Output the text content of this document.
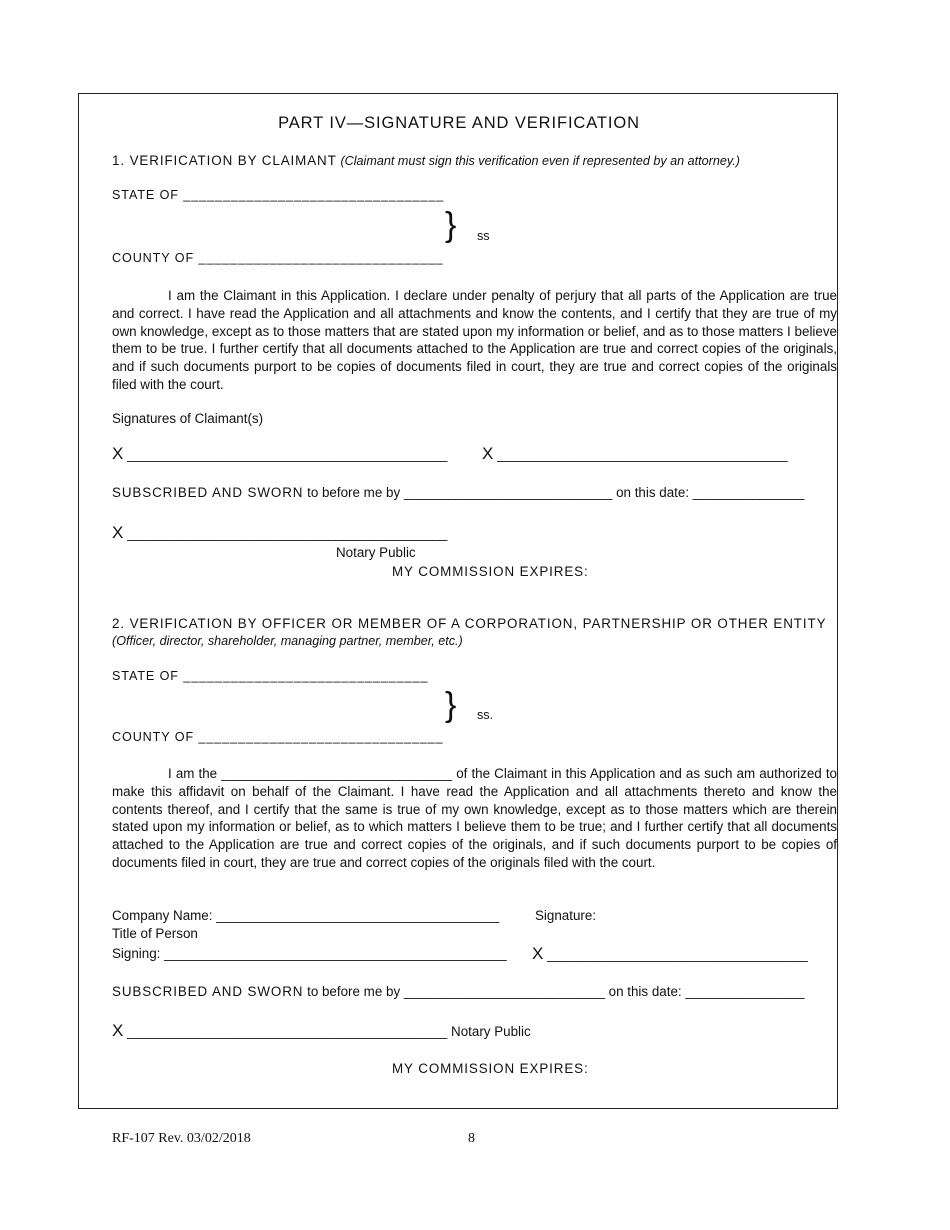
PART IV—SIGNATURE AND VERIFICATION
1. VERIFICATION BY CLAIMANT (Claimant must sign this verification even if represented by an attorney.)
STATE OF _________________________________
} ss
COUNTY OF _______________________________
I am the Claimant in this Application. I declare under penalty of perjury that all parts of the Application are true and correct. I have read the Application and all attachments and know the contents, and I certify that they are true of my own knowledge, except as to those matters that are stated upon my information or belief, and as to those matters I believe them to be true. I further certify that all documents attached to the Application are true and correct copies of the originals, and if such documents purport to be copies of documents filed in court, they are true and correct copies of the originals filed with the court.
Signatures of Claimant(s)
X ___________________________________________ X _______________________________________
SUBSCRIBED AND SWORN to before me by ____________________________ on this date: _______________
X ___________________________________________
Notary Public
MY COMMISSION EXPIRES:
2. VERIFICATION BY OFFICER OR MEMBER OF A CORPORATION, PARTNERSHIP OR OTHER ENTITY
(Officer, director, shareholder, managing partner, member, etc.)
STATE OF _______________________________
} ss.
COUNTY OF _______________________________
I am the _______________________________ of the Claimant in this Application and as such am authorized to make this affidavit on behalf of the Claimant. I have read the Application and all attachments thereto and know the contents thereof, and I certify that the same is true of my own knowledge, except as to those matters which are therein stated upon my information or belief, as to which matters I believe them to be true; and I further certify that all documents attached to the Application are true and correct copies of the originals, and if such documents purport to be copies of documents filed in court, they are true and correct copies of the originals filed with the court.
Company Name: ______________________________________	Signature:
Title of Person
Signing: ______________________________________________ X ___________________________________
SUBSCRIBED AND SWORN to before me by ___________________________ on this date: ________________
X ___________________________________________ Notary Public
MY COMMISSION EXPIRES:
RF-107 Rev. 03/02/2018	8
